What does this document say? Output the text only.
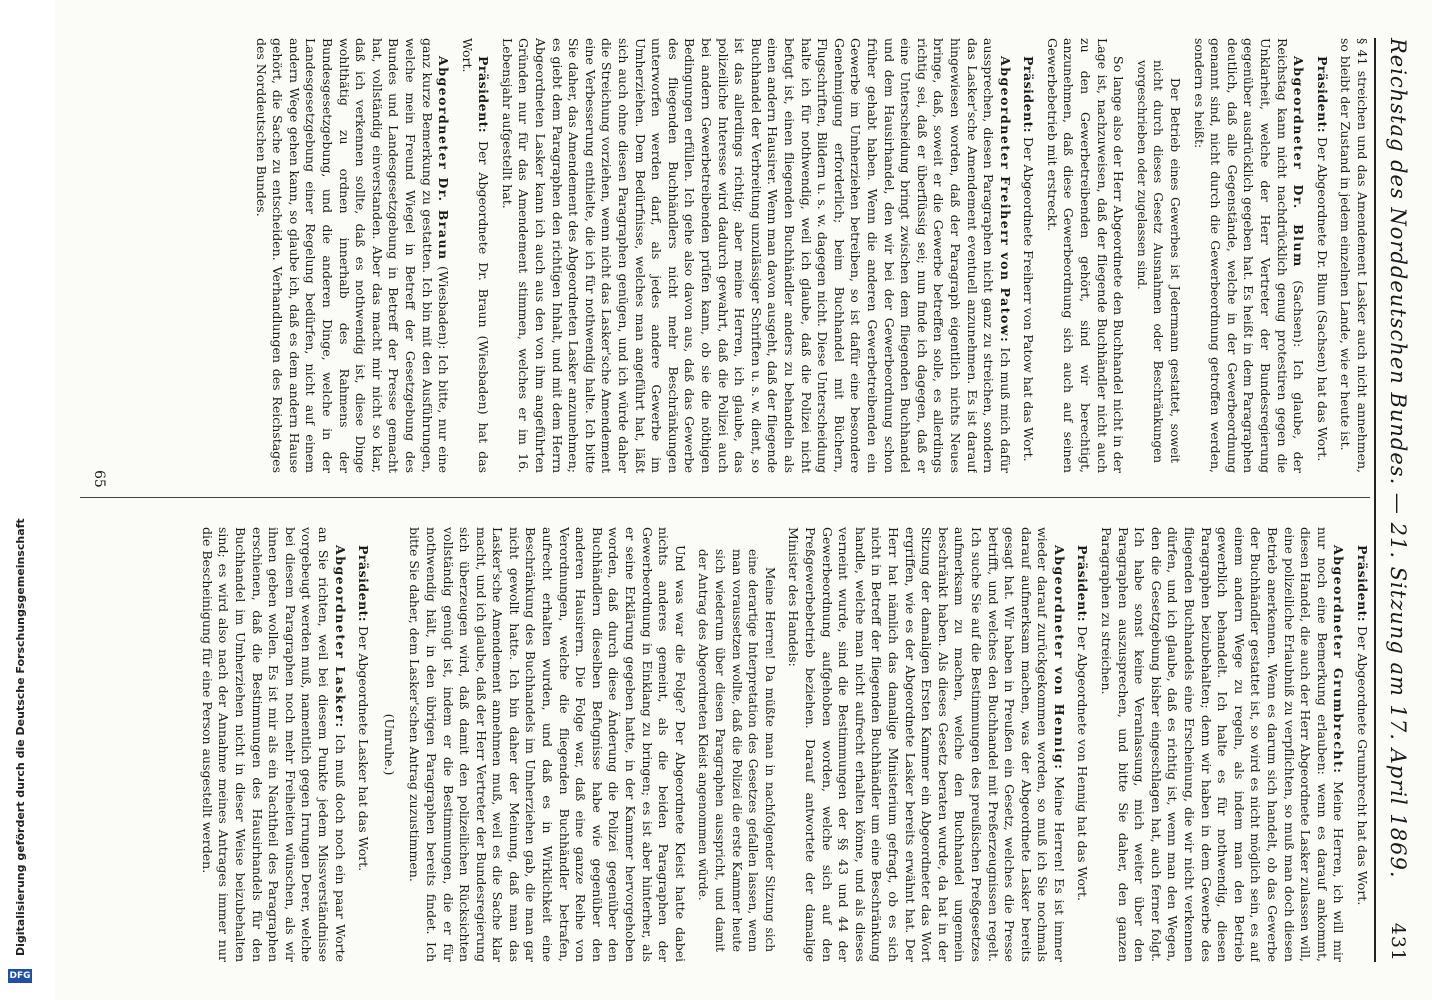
DFG
Digitalisierung gefördert durch die Deutsche Forschungsgemeinschaft	Reichstag des Norddeutschen Bundes. — 21. Sitzung am 17. April 1869.
431

§ 41 streichen und das Amendement Lasker auch nicht annehmen, so bleibt der Zustand in jedem einzelnen Lande, wie er heute ist.

Präsident: Der Abgeordnete Dr. Blum (Sachsen) hat das Wort.

Abgeordneter Dr. Blum (Sachsen): Ich glaube, der Reichstag kann nicht nachdrücklich genug protestiren gegen die Unklarheit, welche der Herr Vertreter der Bundesregierung gegenüber ausdrücklich gegeben hat. Es heißt in dem Paragraphen deutlich, daß alle Gegenstände, welche in der Gewerbeordnung genannt sind, nicht durch die Gewerbeordnung getroffen werden, sondern es heißt:

Der Betrieb eines Gewerbes ist Jedermann gestattet, soweit nicht durch dieses Gesetz Ausnahmen oder Beschränkungen vorgeschrieben oder zugelassen sind.

So lange also der Herr Abgeordnete den Buchhandel nicht in der Lage ist, nachzuweisen, daß der fliegende Buchhändler nicht auch zu den Gewerbetreibenden gehört, sind wir berechtigt, anzunehmen, daß diese Gewerbeordnung sich auch auf seinen Gewerbebetrieb mit erstreckt.

Präsident: Der Abgeordnete Freiherr von Patow hat das Wort.

Abgeordneter Freiherr von Patow: Ich muß mich dafür aussprechen, diesen Paragraphen nicht ganz zu streichen, sondern das Lasker'sche Amendement eventuell anzunehmen. Es ist darauf hingewiesen worden, daß der Paragraph eigentlich nichts Neues bringe, daß, soweit er die Gewerbe betreffen solle, es allerdings richtig sei, daß er überflüssig sei; nun finde ich dagegen, daß er eine Unterscheidung bringt zwischen dem fliegenden Buchhandel und dem Hausirhandel, den wir bei der Gewerbeordnung schon früher gehabt haben. Wenn die anderen Gewerbetreibenden ein Gewerbe im Umherziehen betreiben, so ist dafür eine besondere Genehmigung erforderlich; beim Buchhandel mit Büchern, Flugschriften, Bildern u. s. w. dagegen nicht. Diese Unterscheidung halte ich für nothwendig, weil ich glaube, daß die Polizei nicht befugt ist, einen fliegenden Buchhändler anders zu behandeln als einen andern Hausirer. Wenn man davon ausgeht, daß der fliegende Buchhandel der Verbreitung unzulässiger Schriften u. s. w. dient, so ist das allerdings richtig; aber meine Herren, ich glaube, das polizeiliche Interesse wird dadurch gewahrt, daß die Polizei auch bei andern Gewerbetreibenden prüfen kann, ob sie die nöthigen Bedingungen erfüllen. Ich gehe also davon aus, daß das Gewerbe des fliegenden Buchhändlers nicht mehr Beschränkungen unterworfen werden darf, als jedes andere Gewerbe im Umherziehen. Dem Bedürfnisse, welches man angeführt hat, läßt sich auch ohne diesen Paragraphen genügen, und ich würde daher die Streichung vorziehen, wenn nicht das Lasker'sche Amendement eine Verbesserung enthielte, die ich für nothwendig halte. Ich bitte Sie daher, das Amendement des Abgeordneten Lasker anzunehmen; es giebt dem Paragraphen den richtigen Inhalt, und mit dem Herrn Abgeordneten Lasker kann ich auch aus den von ihm angeführten Gründen nur für das Amendement stimmen, welches er im 16. Lebensjahr aufgestellt hat.

Präsident: Der Abgeordnete Dr. Braun (Wiesbaden) hat das Wort.

Abgeordneter Dr. Braun (Wiesbaden): Ich bitte, nur eine ganz kurze Bemerkung zu gestatten. Ich bin mit den Ausführungen, welche mein Freund Wiegel in Betreff der Gesetzgebung des Bundes und Landesgesetzgebung in Betreff der Presse gemacht hat, vollständig einverstanden. Aber das macht mir nicht so klar, daß ich verkennen sollte, daß es nothwendig ist, diese Dinge wohlthätig zu ordnen innerhalb des Rahmens der Bundesgesetzgebung, und die anderen Dinge, welche in der Landesgesetzgebung einer Regelung bedürfen, nicht auf einem andern Wege gehen kann, so glaube ich, daß es dem andern Hause gehört, die Sache zu entscheiden. Verhandlungen des Reichstages des Norddeutschen Bundes.

Präsident: Der Abgeordnete Grumbrecht hat das Wort.

Abgeordneter Grumbrecht: Meine Herren, ich will mir nur noch eine Bemerkung erlauben: wenn es darauf ankommt, diesen Handel, die auch der Herr Abgeordnete Lasker zulassen will, eine polizeiliche Erlaubniß zu verpflichten, so muß man doch diesen Betrieb anerkennen. Wenn es darum sich handelt, ob das Gewerbe der Buchhändler gestattet ist, so wird es nicht möglich sein, es auf einem andern Wege zu regeln, als indem man den Betrieb gewerblich behandelt. Ich halte es für nothwendig, diesen Paragraphen beizubehalten; denn wir haben in dem Gewerbe des fliegenden Buchhandels eine Erscheinung, die wir nicht verkennen dürfen, und ich glaube, daß es richtig ist, wenn man den Wegen, den die Gesetzgebung bisher eingeschlagen hat, auch ferner folgt. Ich habe sonst keine Veranlassung, mich weiter über den Paragraphen auszusprechen, und bitte Sie daher, den ganzen Paragraphen zu streichen.

Präsident: Der Abgeordnete von Hennig hat das Wort.

Abgeordneter von Hennig: Meine Herren! Es ist immer wieder darauf zurückgekommen worden, so muß ich Sie nochmals darauf aufmerksam machen, was der Abgeordnete Lasker bereits gesagt hat. Wir haben in Preußen ein Gesetz, welches die Presse betrifft, und welches den Buchhandel mit Preßerzeugnissen regelt. Ich suche Sie auf die Bestimmungen des preußischen Preßgesetzes aufmerksam zu machen, welche den Buchhandel ungemein beschränkt haben. Als dieses Gesetz beraten wurde, da hat in der Sitzung der damaligen Ersten Kammer ein Abgeordneter das Wort ergriffen, wie es der Abgeordnete Lasker bereits erwähnt hat. Der Herr hat nämlich das damalige Ministerium gefragt, ob es sich nicht in Betreff der fliegenden Buchhändler um eine Beschränkung handle, welche man nicht aufrecht erhalten könne, und als dieses verneint wurde, sind die Bestimmungen der §§ 43 und 44 der Gewerbeordnung aufgehoben worden, welche sich auf den Preßgewerbebetrieb beziehen. Darauf antwortete der damalige Minister des Handels:

Meine Herren! Da müßte man in nachfolgender Sitzung sich eine derartige Interpretation des Gesetzes gefallen lassen, wenn man voraussetzen wollte, daß die Polizei die erste Kammer heute sich wiederum über diesen Paragraphen ausspricht, und damit der Antrag des Abgeordneten Kleist angenommen würde.

Und was war die Folge? Der Abgeordnete Kleist hatte dabei nichts anderes gemeint, als die beiden Paragraphen der Gewerbeordnung in Einklang zu bringen; es ist aber hinterher, als er seine Erklärung gegeben hatte, in der Kammer hervorgehoben worden, daß durch diese Änderung die Polizei gegenüber den Buchhändlern dieselben Befugnisse habe wie gegenüber den anderen Hausirern. Die Folge war, daß eine ganze Reihe von Verordnungen, welche die fliegenden Buchhändler betrafen, aufrecht erhalten wurden, und daß es in Wirklichkeit eine Beschränkung des Buchhandels im Umherziehen gab, die man gar nicht gewollt hatte. Ich bin daher der Meinung, daß man das Lasker'sche Amendement annehmen muß, weil es die Sache klar macht, und ich glaube, daß der Herr Vertreter der Bundesregierung sich überzeugen wird, daß damit den polizeilichen Rücksichten vollständig genügt ist, indem er die Bestimmungen, die er für nothwendig hält, in den übrigen Paragraphen bereits findet. Ich bitte Sie daher, dem Lasker'schen Antrag zuzustimmen.

(Unruhe.)

Präsident: Der Abgeordnete Lasker hat das Wort.

Abgeordneter Lasker: Ich muß doch noch ein paar Worte an Sie richten, weil bei diesem Punkte jedem Missverständnisse vorgebeugt werden muß, namentlich gegen Irrungen Derer, welche bei diesem Paragraphen noch mehr Freiheiten wünschen, als wir ihnen geben wollen. Es ist mir als ein Nachtheil des Paragraphen erschienen, daß die Bestimmungen des Hausirhandels für den Buchhandel im Umherziehen nicht in dieser Weise beizubehalten sind; es wird also nach der Annahme meines Antrages immer nur die Bescheinigung für eine Person ausgestellt werden.

65
